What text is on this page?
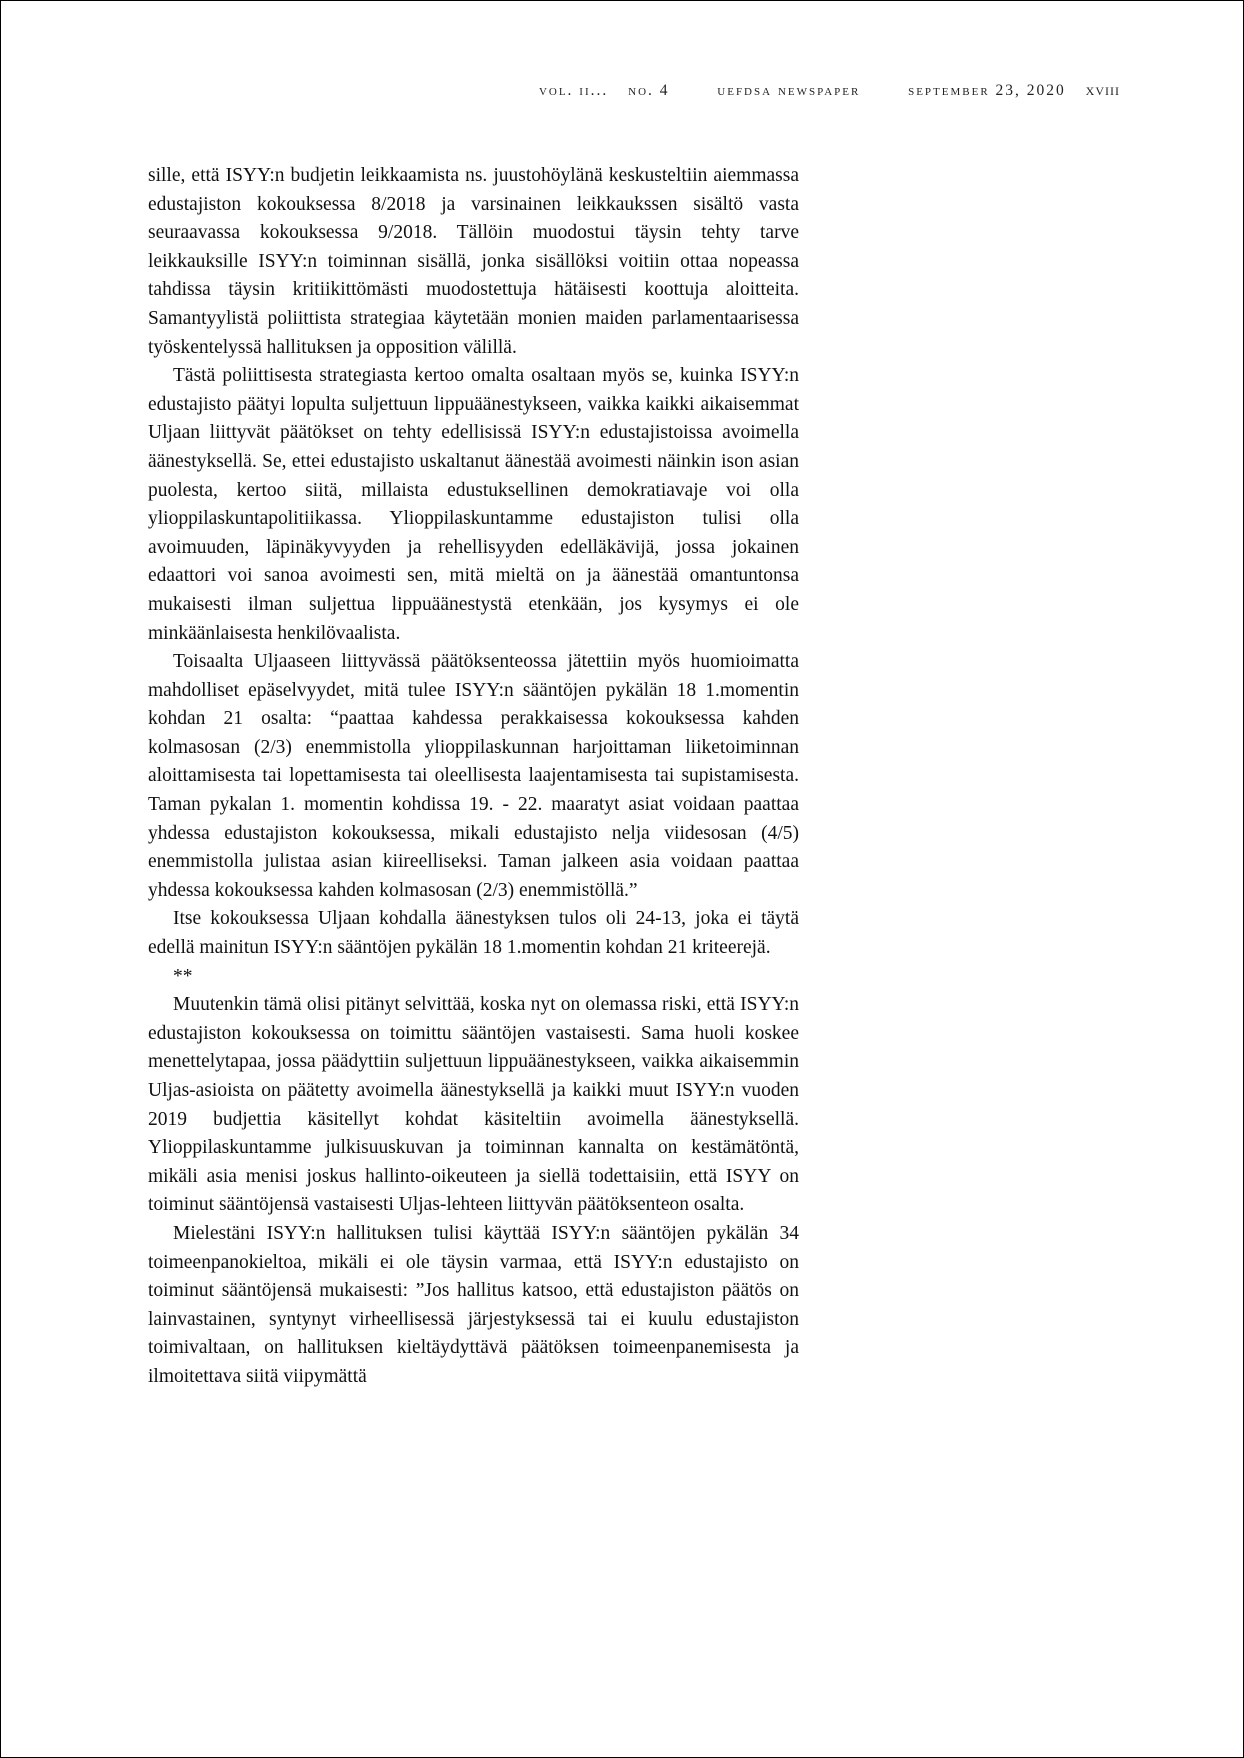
vol. ii... no. 4	uefdsa newspaper	september 23, 2020 xviii

sille, että ISYY:n budjetin leikkaamista ns. juustohöylänä keskusteltiin aiemmassa edustajiston kokouksessa 8/2018 ja varsinainen leikkaukssen sisältö vasta seuraavassa kokouksessa 9/2018. Tällöin muodostui täysin tehty tarve leikkauksille ISYY:n toiminnan sisällä, jonka sisällöksi voitiin ottaa nopeassa tahdissa täysin kritiikittömästi muodostettuja hätäisesti koottuja aloitteita. Samantyylistä poliittista strategiaa käytetään monien maiden parlamentaarisessa työskentelyssä hallituksen ja opposition välillä.

Tästä poliittisesta strategiasta kertoo omalta osaltaan myös se, kuinka ISYY:n edustajisto päätyi lopulta suljettuun lippuäänestykseen, vaikka kaikki aikaisemmat Uljaan liittyvät päätökset on tehty edellisissä ISYY:n edustajistoissa avoimella äänestyksellä. Se, ettei edustajisto uskaltanut äänestää avoimesti näinkin ison asian puolesta, kertoo siitä, millaista edustuksellinen demokratiavaje voi olla ylioppilaskuntapolitiikassa. Ylioppilaskuntamme edustajiston tulisi olla avoimuuden, läpinäkyvyyden ja rehellisyyden edelläkävijä, jossa jokainen edaattori voi sanoa avoimesti sen, mitä mieltä on ja äänestää omantuntonsa mukaisesti ilman suljettua lippuäänestystä etenkään, jos kysymys ei ole minkäänlaisesta henkilövaalista.

Toisaalta Uljaaseen liittyvässä päätöksenteossa jätettiin myös huomioimatta mahdolliset epäselvyydet, mitä tulee ISYY:n sääntöjen pykälän 18 1.momentin kohdan 21 osalta: “paattaa kahdessa perakkaisessa kokouksessa kahden kolmasosan (2/3) enemmistolla ylioppilaskunnan harjoittaman liiketoiminnan aloittamisesta tai lopettamisesta tai oleellisesta laajentamisesta tai supistamisesta. Taman pykalan 1. momentin kohdissa 19. - 22. maaratyt asiat voidaan paattaa yhdessa edustajiston kokouksessa, mikali edustajisto nelja viidesosan (4/5) enemmistolla julistaa asian kiireelliseksi. Taman jalkeen asia voidaan paattaa yhdessa kokouksessa kahden kolmasosan (2/3) enemmistöllä.”

Itse kokouksessa Uljaan kohdalla äänestyksen tulos oli 24-13, joka ei täytä edellä mainitun ISYY:n sääntöjen pykälän 18 1.momentin kohdan 21 kriteerejä.

**

Muutenkin tämä olisi pitänyt selvittää, koska nyt on olemassa riski, että ISYY:n edustajiston kokouksessa on toimittu sääntöjen vastaisesti. Sama huoli koskee menettelytapaa, jossa päädyttiin suljettuun lippuäänestykseen, vaikka aikaisemmin Uljas-asioista on päätetty avoimella äänestyksellä ja kaikki muut ISYY:n vuoden 2019 budjettia käsitellyt kohdat käsiteltiin avoimella äänestyksellä. Ylioppilaskuntamme julkisuuskuvan ja toiminnan kannalta on kestämätöntä, mikäli asia menisi joskus hallinto-oikeuteen ja siellä todettaisiin, että ISYY on toiminut sääntöjensä vastaisesti Uljas-lehteen liittyvän päätöksenteon osalta.

Mielestäni ISYY:n hallituksen tulisi käyttää ISYY:n sääntöjen pykälän 34 toimeenpanokieltoa, mikäli ei ole täysin varmaa, että ISYY:n edustajisto on toiminut sääntöjensä mukaisesti: ”Jos hallitus katsoo, että edustajiston päätös on lainvastainen, syntynyt virheellisessä järjestyksessä tai ei kuulu edustajiston toimivaltaan, on hallituksen kieltäydyttävä päätöksen toimeenpanemisesta ja ilmoitettava siitä viipymättä
